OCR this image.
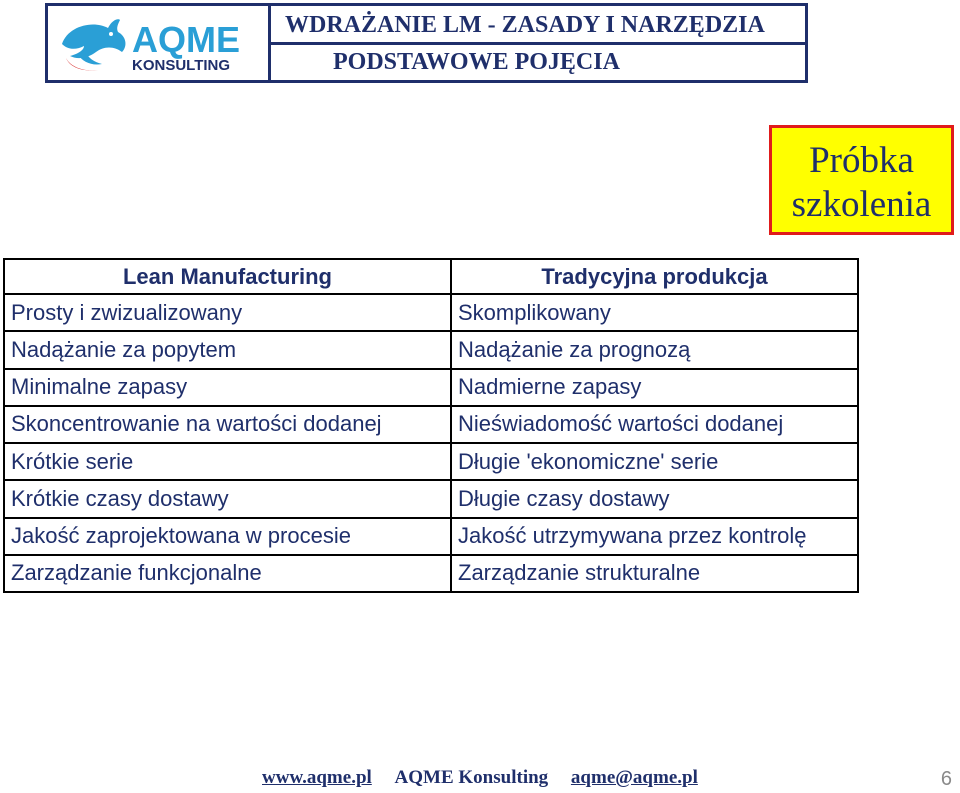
AQME
KONSULTING
WDRAŻANIE LM - ZASADY I NARZĘDZIA
PODSTAWOWE POJĘCIA
Próbka
szkolenia
Lean Manufacturing	Tradycyjna produkcja
Prosty i zwizualizowany	Skomplikowany
Nadążanie za popytem	Nadążanie za prognozą
Minimalne zapasy	Nadmierne zapasy
Skoncentrowanie na wartości dodanej	Nieświadomość wartości dodanej
Krótkie serie	Długie 'ekonomiczne' serie
Krótkie czasy dostawy	Długie czasy dostawy
Jakość zaprojektowana w procesie	Jakość utrzymywana przez kontrolę
Zarządzanie funkcjonalne	Zarządzanie strukturalne
www.aqme.pl AQME Konsulting aqme@aqme.pl	6
